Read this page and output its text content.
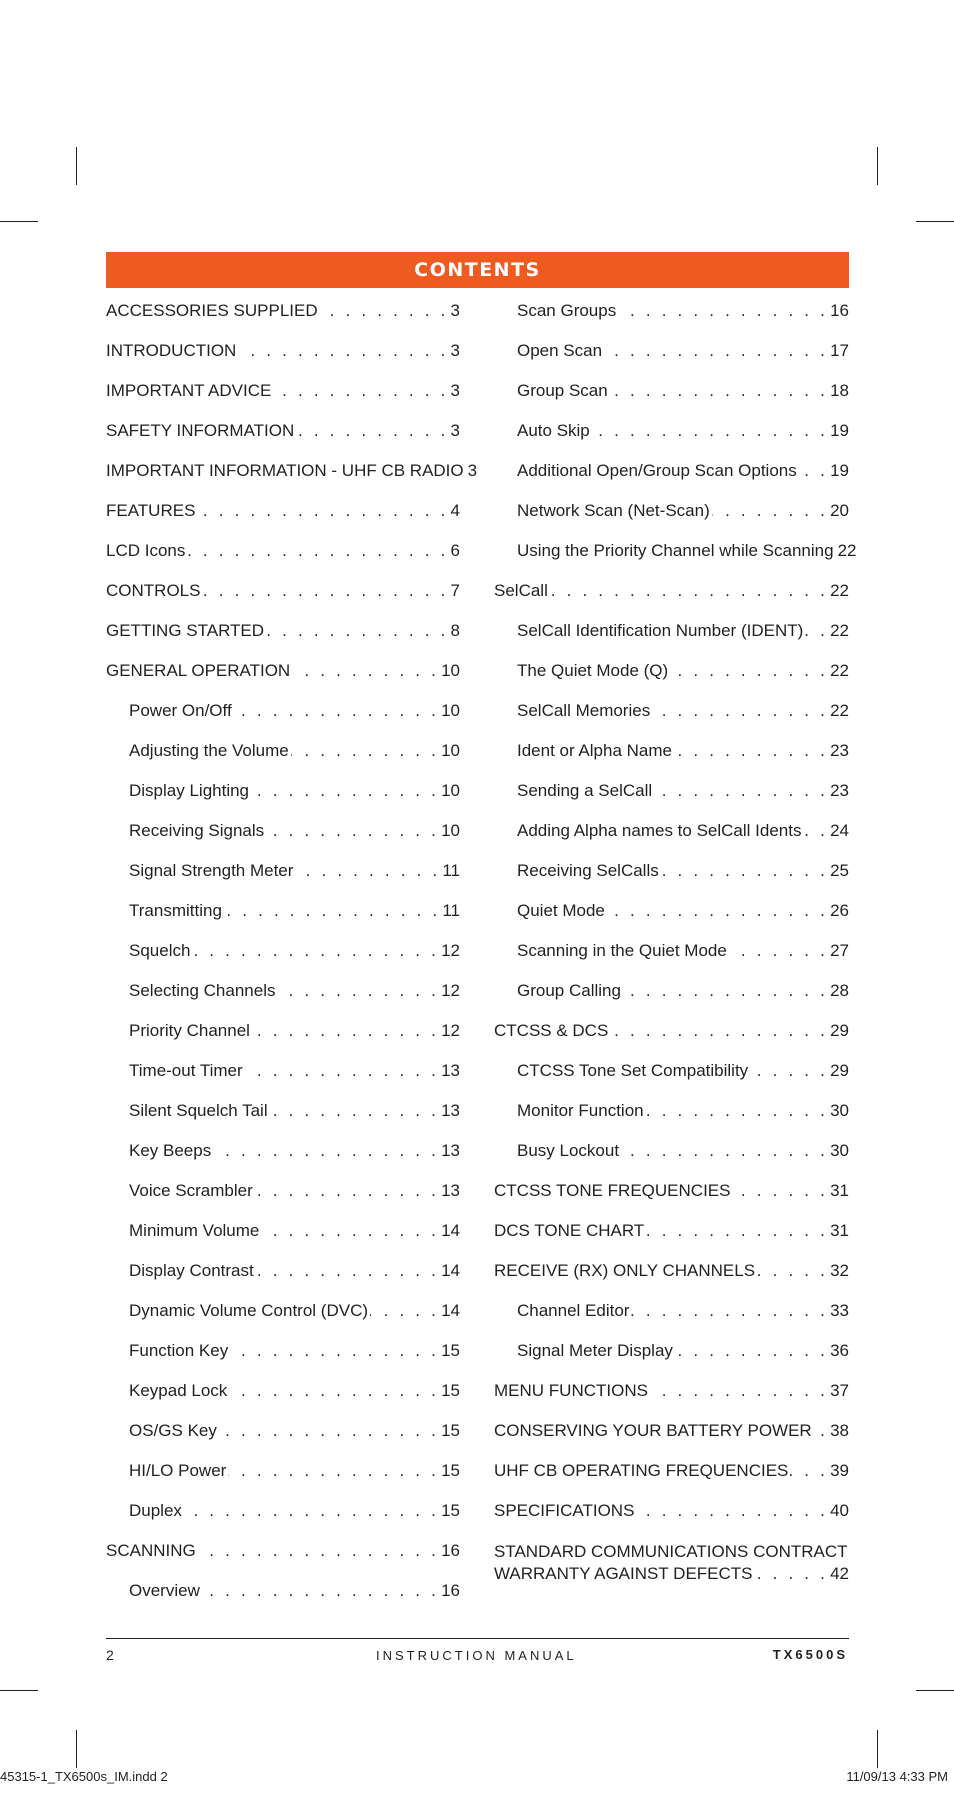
CONTENTS
ACCESSORIES SUPPLIED . . .	3
INTRODUCTION . . .	3
IMPORTANT ADVICE . . .	3
SAFETY INFORMATION . . .	3
IMPORTANT INFORMATION - UHF CB RADIO 3
FEATURES . . .	4
LCD Icons . . .	6
CONTROLS . . .	7
GETTING STARTED . . .	8
GENERAL OPERATION . . .	10
Power On/Off . . .	10
Adjusting the Volume . . .	10
Display Lighting . . .	10
Receiving Signals . . .	10
Signal Strength Meter . . .	11
Transmitting . . .	11
Squelch . . .	12
Selecting Channels . . .	12
Priority Channel . . .	12
Time-out Timer . . .	13
Silent Squelch Tail . . .	13
Key Beeps . . .	13
Voice Scrambler . . .	13
Minimum Volume . . .	14
Display Contrast . . .	14
Dynamic Volume Control (DVC) . . .	14
Function Key . . .	15
Keypad Lock . . .	15
OS/GS Key . . .	15
HI/LO Power . . .	15
Duplex . . .	15
SCANNING . . .	16
Overview . . .	16
Scan Groups . . .	16
Open Scan . . .	17
Group Scan . . .	18
Auto Skip . . .	19
Additional Open/Group Scan Options . . . 19
Network Scan (Net-Scan) . . .	20
Using the Priority Channel while Scanning 22
SelCall . . .	22
SelCall Identification Number (IDENT) . . . 22
The Quiet Mode (Q) . . .	22
SelCall Memories . . .	22
Ident or Alpha Name . . .	23
Sending a SelCall . . .	23
Adding Alpha names to SelCall Idents . . . 24
Receiving SelCalls . . .	25
Quiet Mode . . .	26
Scanning in the Quiet Mode . . .	27
Group Calling . . .	28
CTCSS & DCS . . .	29
CTCSS Tone Set Compatibility . . .	29
Monitor Function . . .	30
Busy Lockout . . .	30
CTCSS TONE FREQUENCIES . . .	31
DCS TONE CHART . . .	31
RECEIVE (RX) ONLY CHANNELS . . .	32
Channel Editor . . .	33
Signal Meter Display . . .	36
MENU FUNCTIONS . . .	37
CONSERVING YOUR BATTERY POWER . . . 38
UHF CB OPERATING FREQUENCIES . . . 39
SPECIFICATIONS . . .	40
STANDARD COMMUNICATIONS CONTRACT
WARRANTY AGAINST DEFECTS . . .	42
2	INSTRUCTION MANUAL	TX6500S
45315-1_TX6500s_IM.indd 2	11/09/13 4:33 PM
